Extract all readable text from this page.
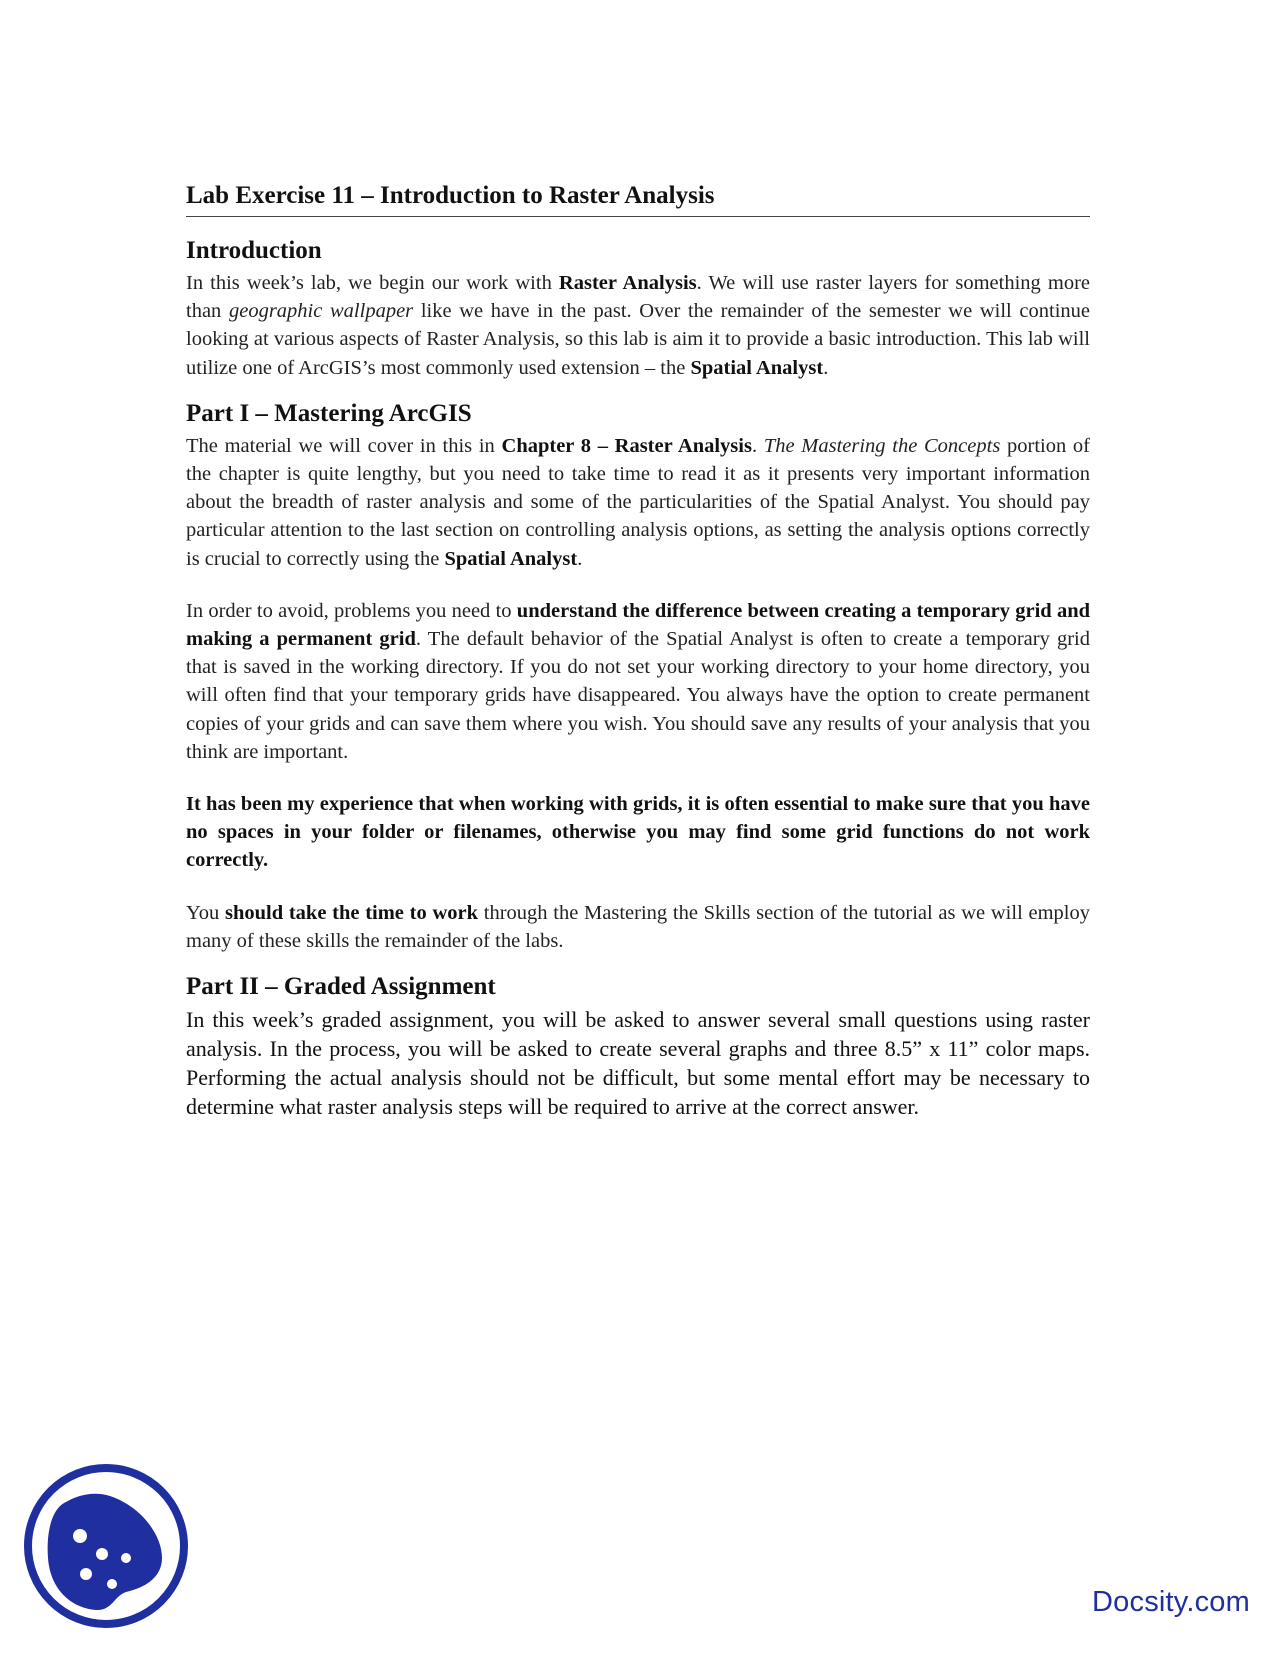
Lab Exercise 11 – Introduction to Raster Analysis
Introduction

In this week’s lab, we begin our work with Raster Analysis. We will use raster layers for something more than geographic wallpaper like we have in the past. Over the remainder of the semester we will continue looking at various aspects of Raster Analysis, so this lab is aim it to provide a basic introduction. This lab will utilize one of ArcGIS’s most commonly used extension – the Spatial Analyst.

Part I – Mastering ArcGIS

The material we will cover in this in Chapter 8 – Raster Analysis. The Mastering the Concepts portion of the chapter is quite lengthy, but you need to take time to read it as it presents very important information about the breadth of raster analysis and some of the particularities of the Spatial Analyst. You should pay particular attention to the last section on controlling analysis options, as setting the analysis options correctly is crucial to correctly using the Spatial Analyst.

In order to avoid, problems you need to understand the difference between creating a temporary grid and making a permanent grid. The default behavior of the Spatial Analyst is often to create a temporary grid that is saved in the working directory. If you do not set your working directory to your home directory, you will often find that your temporary grids have disappeared. You always have the option to create permanent copies of your grids and can save them where you wish. You should save any results of your analysis that you think are important.

It has been my experience that when working with grids, it is often essential to make sure that you have no spaces in your folder or filenames, otherwise you may find some grid functions do not work correctly.

You should take the time to work through the Mastering the Skills section of the tutorial as we will employ many of these skills the remainder of the labs.

Part II – Graded Assignment

In this week’s graded assignment, you will be asked to answer several small questions using raster analysis. In the process, you will be asked to create several graphs and three 8.5” x 11” color maps. Performing the actual analysis should not be difficult, but some mental effort may be necessary to determine what raster analysis steps will be required to arrive at the correct answer.

Docsity.com
